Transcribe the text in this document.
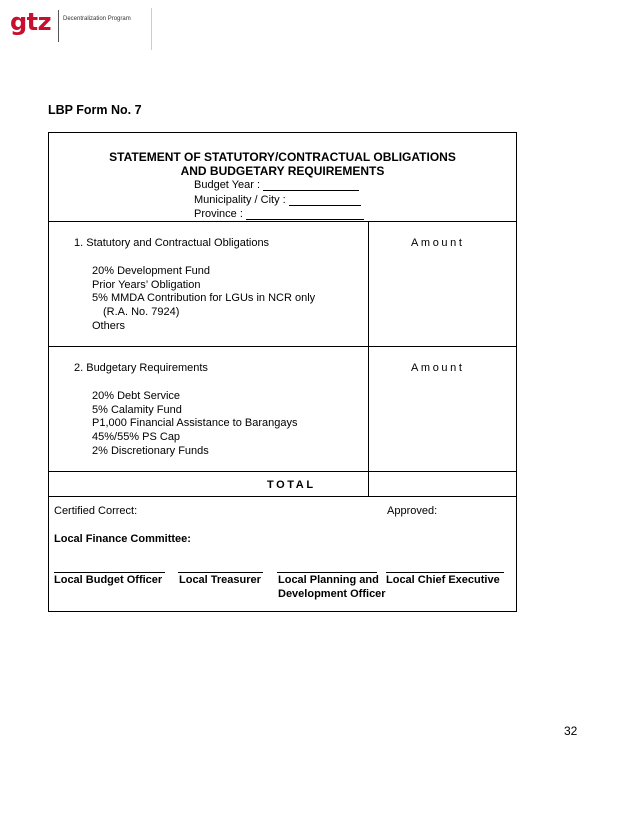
gtz Decentralization Program
LBP Form No. 7
STATEMENT OF STATUTORY/CONTRACTUAL OBLIGATIONS
AND BUDGETARY REQUIREMENTS
Budget Year :
Municipality / City :
Province :
1. Statutory and Contractual Obligations	Amount
20% Development Fund
Prior Years’ Obligation
5% MMDA Contribution for LGUs in NCR only
(R.A. No. 7924)
Others
2. Budgetary Requirements	Amount
20% Debt Service
5% Calamity Fund
P1,000 Financial Assistance to Barangays
45%/55% PS Cap
2% Discretionary Funds
TOTAL
Certified Correct:	Approved:
Local Finance Committee:
Local Budget Officer Local Treasurer Local Planning and
Development Officer
Local Chief Executive
32
